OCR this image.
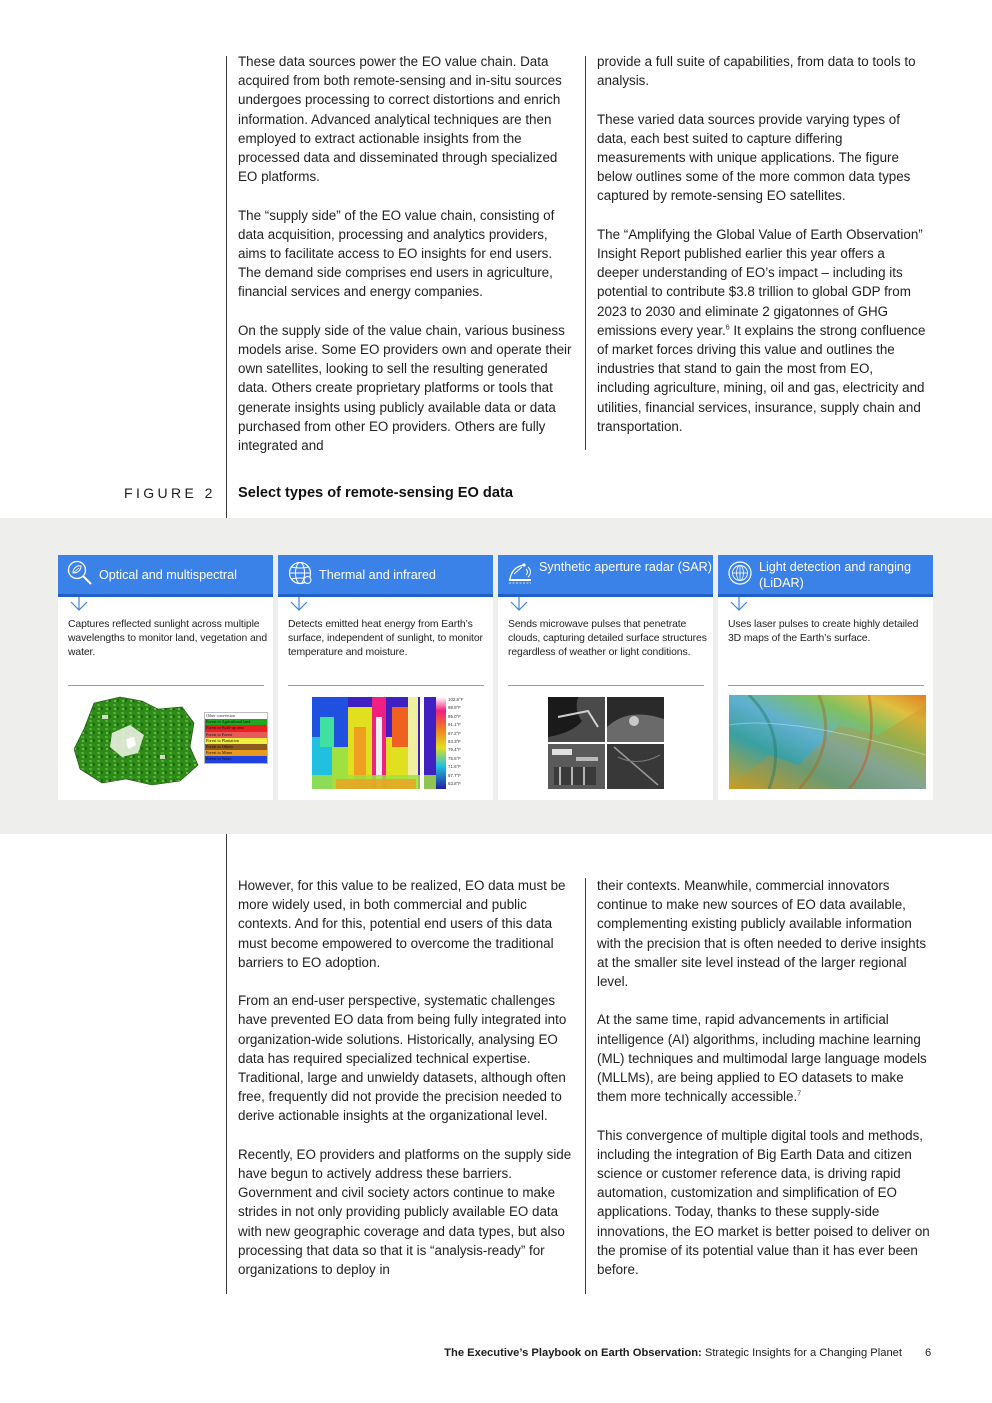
These data sources power the EO value chain. Data acquired from both remote-sensing and in-situ sources undergoes processing to correct distortions and enrich information. Advanced analytical techniques are then employed to extract actionable insights from the processed data and disseminated through specialized EO platforms.

The “supply side” of the EO value chain, consisting of data acquisition, processing and analytics providers, aims to facilitate access to EO insights for end users. The demand side comprises end users in agriculture, financial services and energy companies.

On the supply side of the value chain, various business models arise. Some EO providers own and operate their own satellites, looking to sell the resulting generated data. Others create proprietary platforms or tools that generate insights using publicly available data or data purchased from other EO providers. Others are fully integrated and

provide a full suite of capabilities, from data to tools to analysis.

These varied data sources provide varying types of data, each best suited to capture differing measurements with unique applications. The figure below outlines some of the more common data types captured by remote-sensing EO satellites.

The “Amplifying the Global Value of Earth Observation” Insight Report published earlier this year offers a deeper understanding of EO’s impact – including its potential to contribute $3.8 trillion to global GDP from 2023 to 2030 and eliminate 2 gigatonnes of GHG emissions every year.$^6$ It explains the strong confluence of market forces driving this value and outlines the industries that stand to gain the most from EO, including agriculture, mining, oil and gas, electricity and utilities, financial services, insurance, supply chain and transportation.

FIGURE 2 Select types of remote-sensing EO data
Optical and multispectral
Captures reflected sunlight across multiple wavelengths to monitor land, vegetation and water.
Other conversion
Forest to Agricultural land
Forest to Built-up area
Forest to Forest
Forest to Plantation
Forest to Others
Forest to Mines
Forest to Water
Thermal and infrared
Detects emitted heat energy from Earth’s surface, independent of sunlight, to monitor temperature and moisture.
102.8°F
98.9°F
95.0°F
91.1°F
87.2°F
83.3°F
79.4°F
75.5°F
71.6°F
67.7°F
63.8°F
Synthetic aperture radar (SAR)
Sends microwave pulses that penetrate clouds, capturing detailed surface structures regardless of weather or light conditions.
Light detection and ranging (LiDAR)
Uses laser pulses to create highly detailed 3D maps of the Earth’s surface.

However, for this value to be realized, EO data must be more widely used, in both commercial and public contexts. And for this, potential end users of this data must become empowered to overcome the traditional barriers to EO adoption.

From an end-user perspective, systematic challenges have prevented EO data from being fully integrated into organization-wide solutions. Historically, analysing EO data has required specialized technical expertise. Traditional, large and unwieldy datasets, although often free, frequently did not provide the precision needed to derive actionable insights at the organizational level.

Recently, EO providers and platforms on the supply side have begun to actively address these barriers. Government and civil society actors continue to make strides in not only providing publicly available EO data with new geographic coverage and data types, but also processing that data so that it is “analysis-ready” for organizations to deploy in

their contexts. Meanwhile, commercial innovators continue to make new sources of EO data available, complementing existing publicly available information with the precision that is often needed to derive insights at the smaller site level instead of the larger regional level.

At the same time, rapid advancements in artificial intelligence (AI) algorithms, including machine learning (ML) techniques and multimodal large language models (MLLMs), are being applied to EO datasets to make them more technically accessible.$^7$

This convergence of multiple digital tools and methods, including the integration of Big Earth Data and citizen science or customer reference data, is driving rapid automation, customization and simplification of EO applications. Today, thanks to these supply-side innovations, the EO market is better poised to deliver on the promise of its potential value than it has ever been before.

The Executive’s Playbook on Earth Observation: Strategic Insights for a Changing Planet 6
